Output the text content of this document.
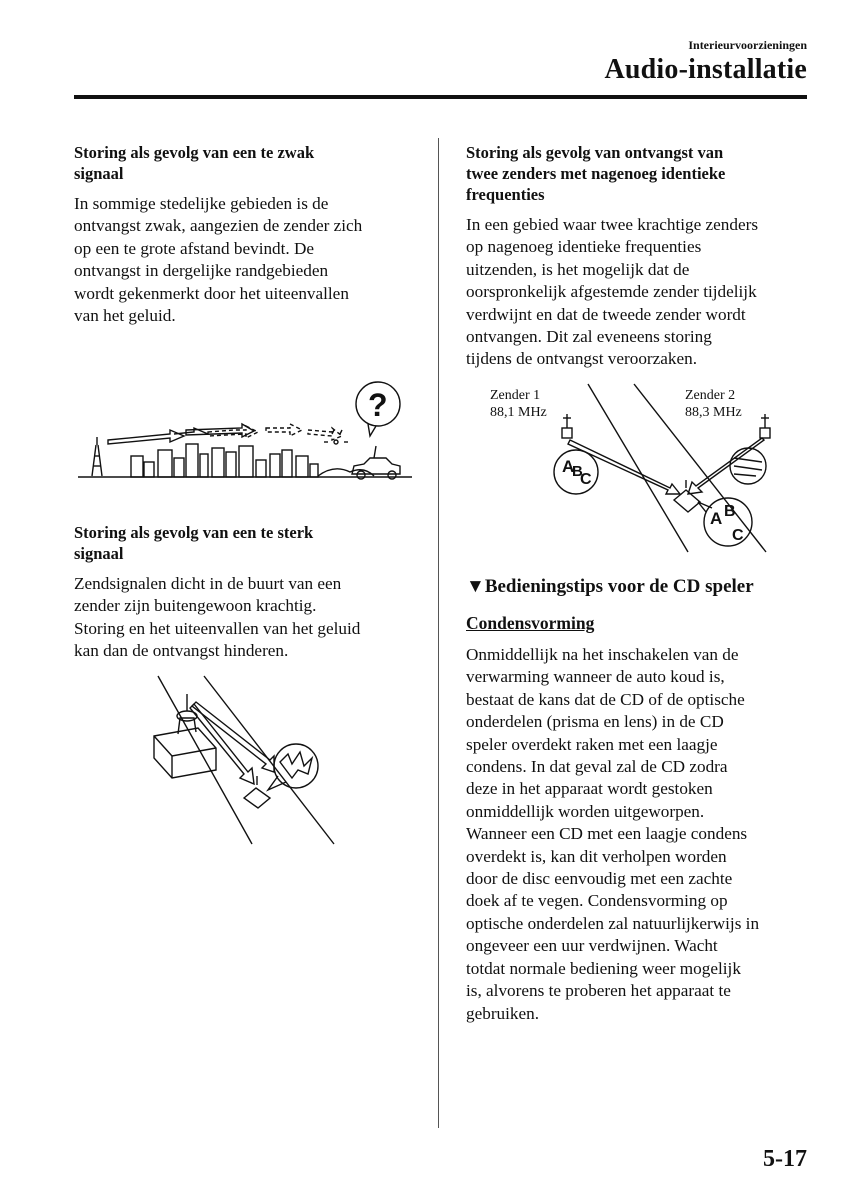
Interieurvoorzieningen
Audio-installatie
Storing als gevolg van een te zwak
signaal
In sommige stedelijke gebieden is de
ontvangst zwak, aangezien de zender zich
op een te grote afstand bevindt. De
ontvangst in dergelijke randgebieden
wordt gekenmerkt door het uiteenvallen
van het geluid.
?
Storing als gevolg van een te sterk
signaal
Zendsignalen dicht in de buurt van een
zender zijn buitengewoon krachtig.
Storing en het uiteenvallen van het geluid
kan dan de ontvangst hinderen.
Storing als gevolg van ontvangst van
twee zenders met nagenoeg identieke
frequenties
In een gebied waar twee krachtige zenders
op nagenoeg identieke frequenties
uitzenden, is het mogelijk dat de
oorspronkelijk afgestemde zender tijdelijk
verdwijnt en dat de tweede zender wordt
ontvangen. Dit zal eveneens storing
tijdens de ontvangst veroorzaken.
Zender 1
88,1 MHz
Zender 2
88,3 MHz
A
B
C
A B
C
▼Bedieningstips voor de CD speler
Condensvorming
Onmiddellijk na het inschakelen van de
verwarming wanneer de auto koud is,
bestaat de kans dat de CD of de optische
onderdelen (prisma en lens) in de CD
speler overdekt raken met een laagje
condens. In dat geval zal de CD zodra
deze in het apparaat wordt gestoken
onmiddellijk worden uitgeworpen.
Wanneer een CD met een laagje condens
overdekt is, kan dit verholpen worden
door de disc eenvoudig met een zachte
doek af te vegen. Condensvorming op
optische onderdelen zal natuurlijkerwijs in
ongeveer een uur verdwijnen. Wacht
totdat normale bediening weer mogelijk
is, alvorens te proberen het apparaat te
gebruiken.
5-17
